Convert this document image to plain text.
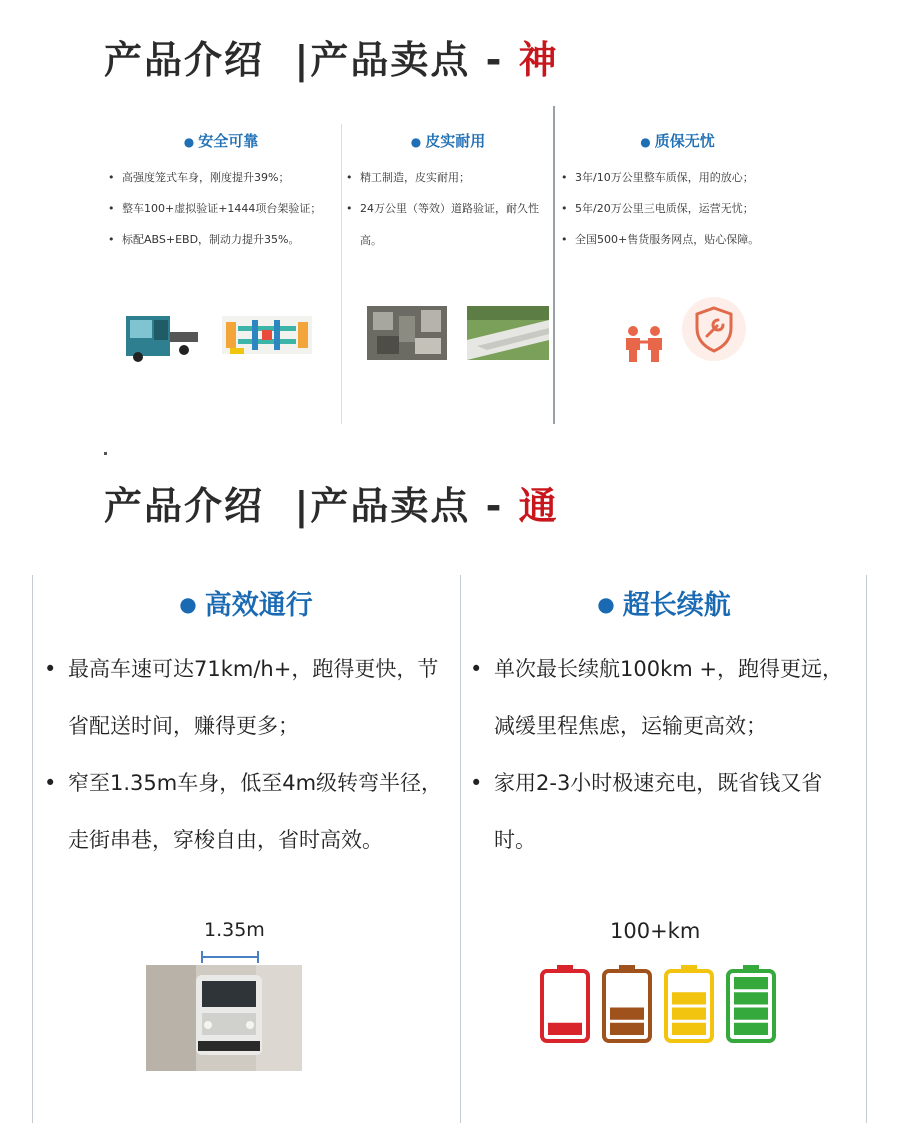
产品介绍 |产品卖点 - 神
● 安全可靠
• 高强度笼式车身，刚度提升39%；
• 整车100+虚拟验证+1444项台架验证；
• 标配ABS+EBD，制动力提升35%。
● 皮实耐用
• 精工制造，皮实耐用；
• 24万公里（等效）道路验证，耐久性高。
● 质保无忧
• 3年/10万公里整车质保，用的放心；
• 5年/20万公里三电质保，运营无忧；
• 全国500+售货服务网点，贴心保障。
产品介绍 |产品卖点 - 通
● 高效通行
• 最高车速可达71km/h+，跑得更快，节省配送时间，赚得更多；
• 窄至1.35m车身，低至4m级转弯半径，走街串巷，穿梭自由，省时高效。
1.35m
● 超长续航
• 单次最长续航100km +，跑得更远，减缓里程焦虑，运输更高效；
• 家用2-3小时极速充电，既省钱又省时。
100+km
